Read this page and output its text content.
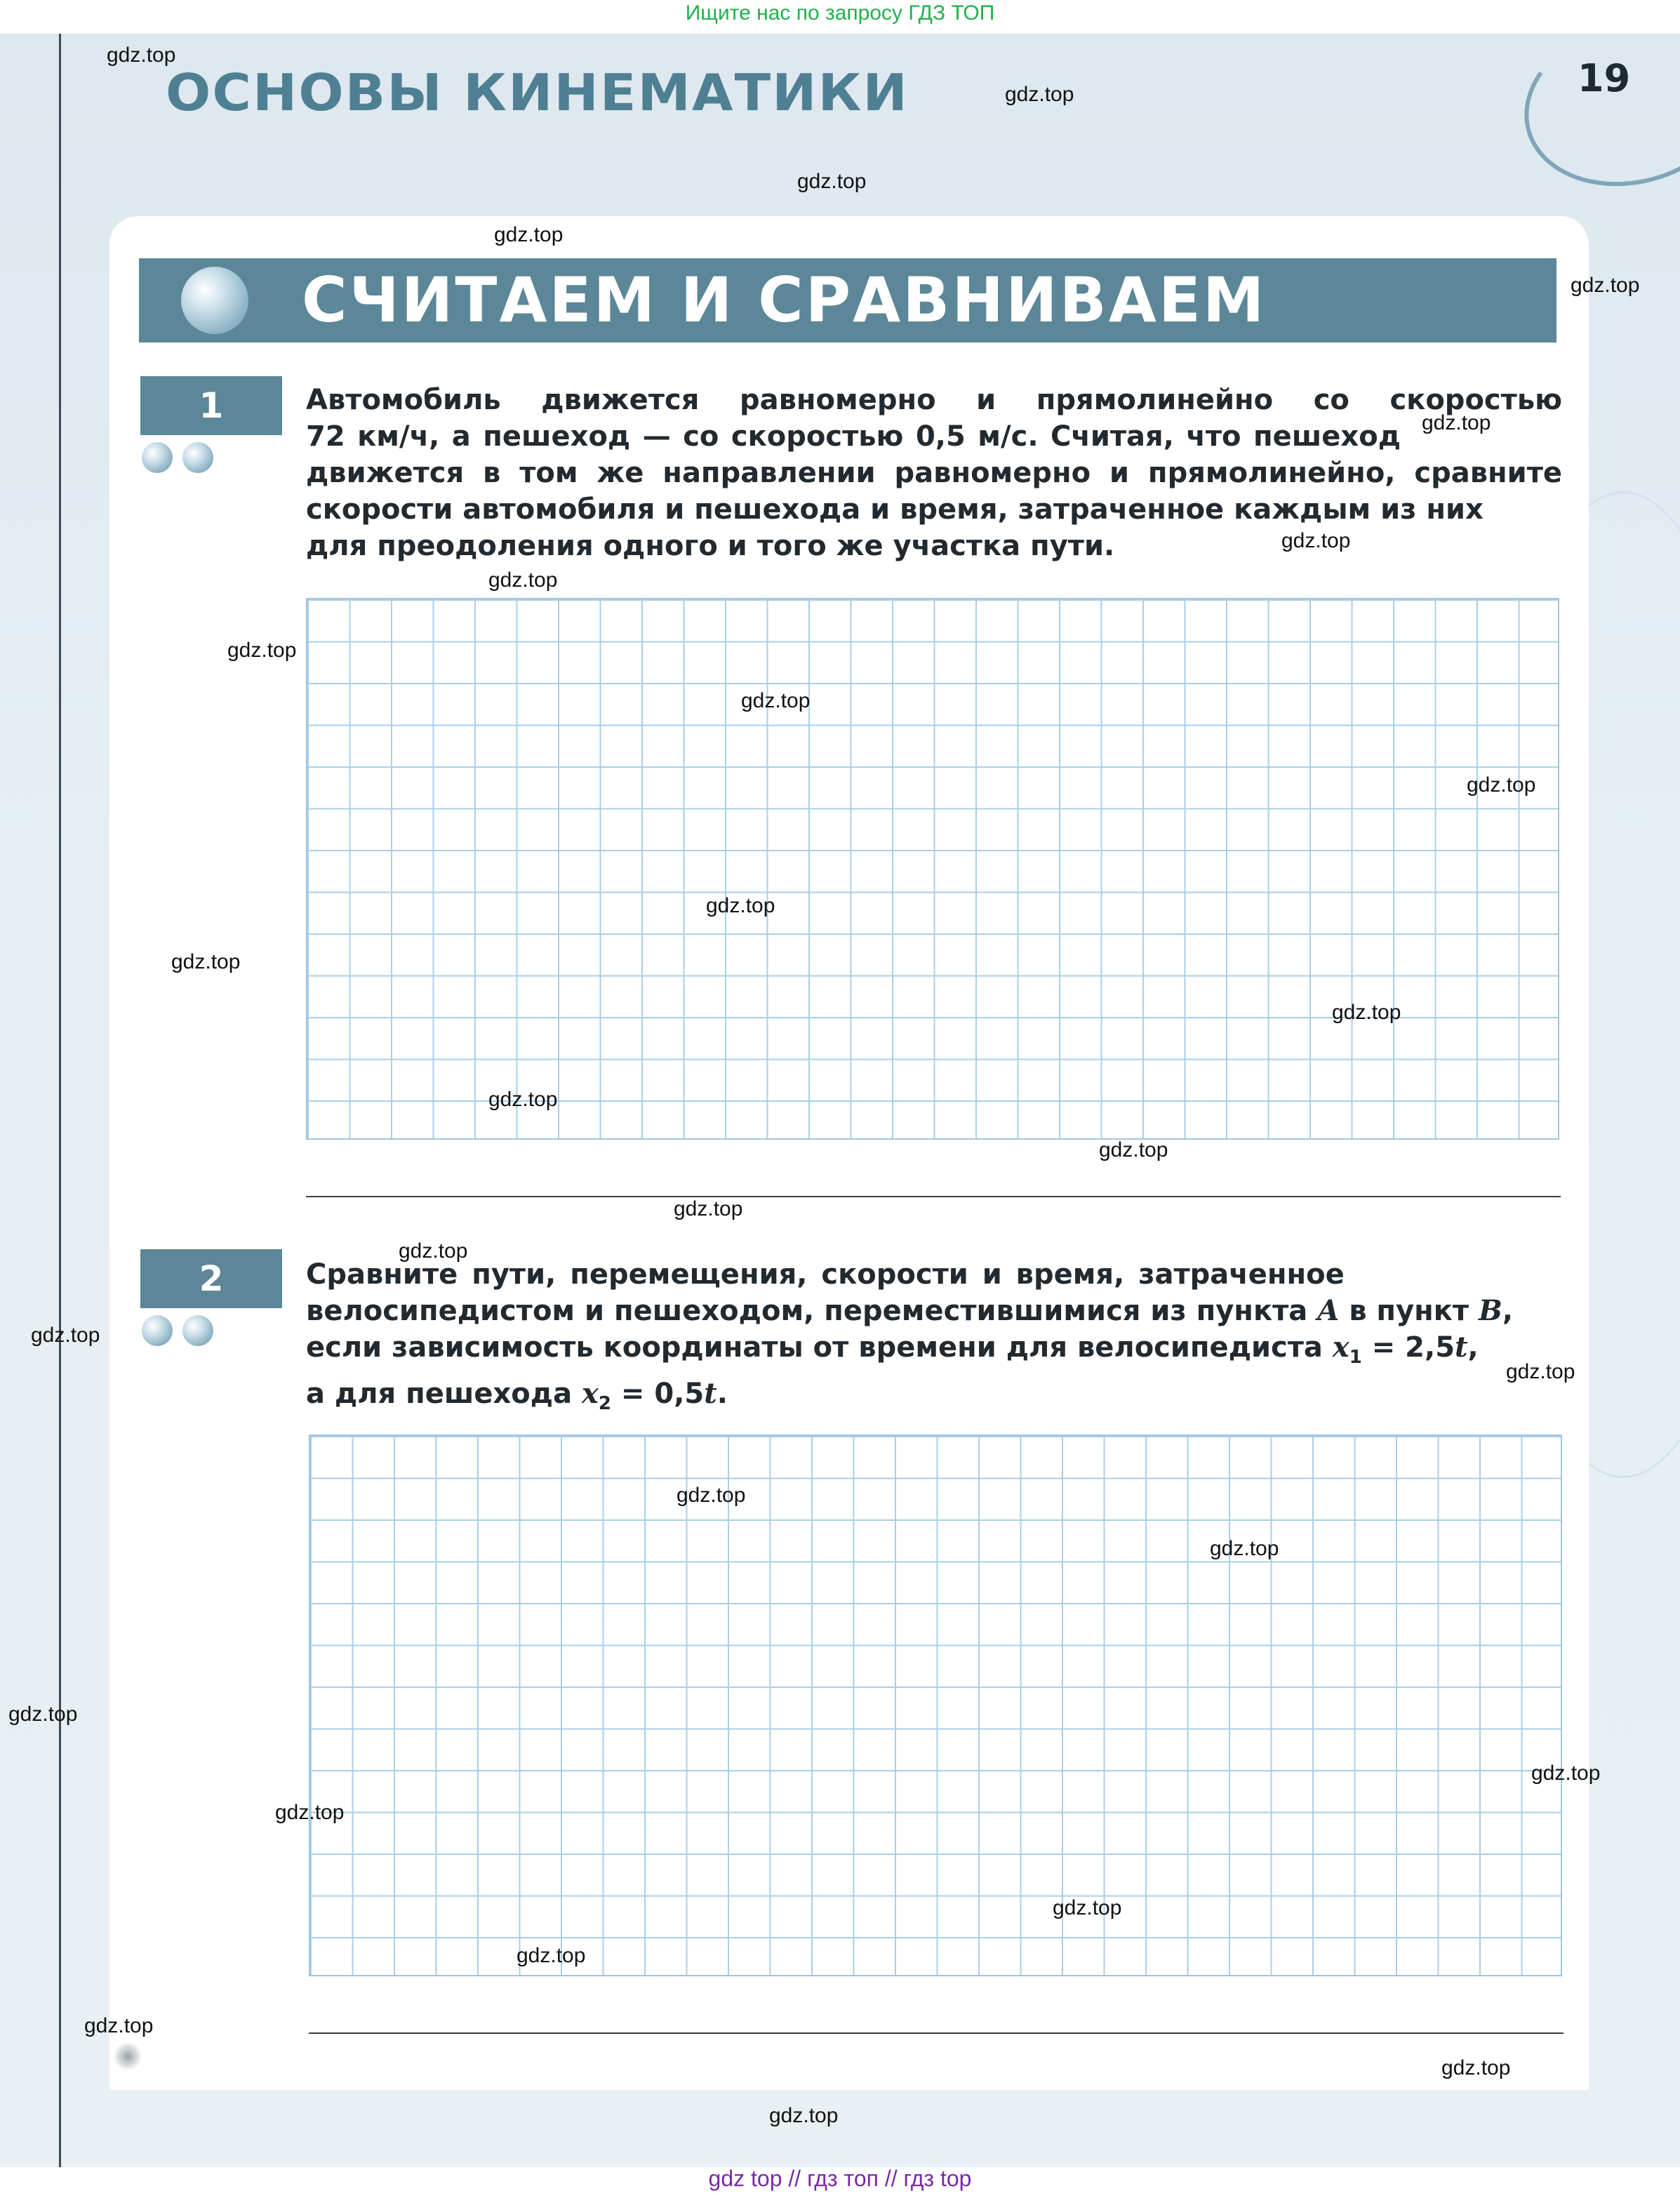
Ищите нас по запросу ГДЗ ТОП
ОСНОВЫ КИНЕМАТИКИ	19
СЧИТАЕМ И СРАВНИВАЕМ
1	Автомобиль движется равномерно и прямолинейно со скоростью
72 км/ч, а пешеход — со скоростью 0,5 м/с. Считая, что пешеход
движется в том же направлении равномерно и прямолинейно, сравните
скорости автомобиля и пешехода и время, затраченное каждым из них
для преодоления одного и того же участка пути.
2	Сравните пути, перемещения, скорости и время, затраченное
велосипедистом и пешеходом, переместившимися из пункта A в пункт B,
если зависимость координаты от времени для велосипедиста $x_1 = 2,5t$,
а для пешехода $x_2 = 0,5t$.
gdz.top
gdz.top
gdz.top
gdz.top
gdz.top
gdz.top
gdz.top
gdz.top
gdz.top
gdz.top
gdz.top
gdz.top
gdz.top
gdz.top
gdz.top
gdz.top
gdz.top
gdz.top
gdz.top
gdz.top
gdz.top
gdz.top
gdz.top
gdz.top
gdz.top
gdz.top
gdz.top
gdz.top
gdz.top
gdz.top
gdz top // гдз топ // гдз top
